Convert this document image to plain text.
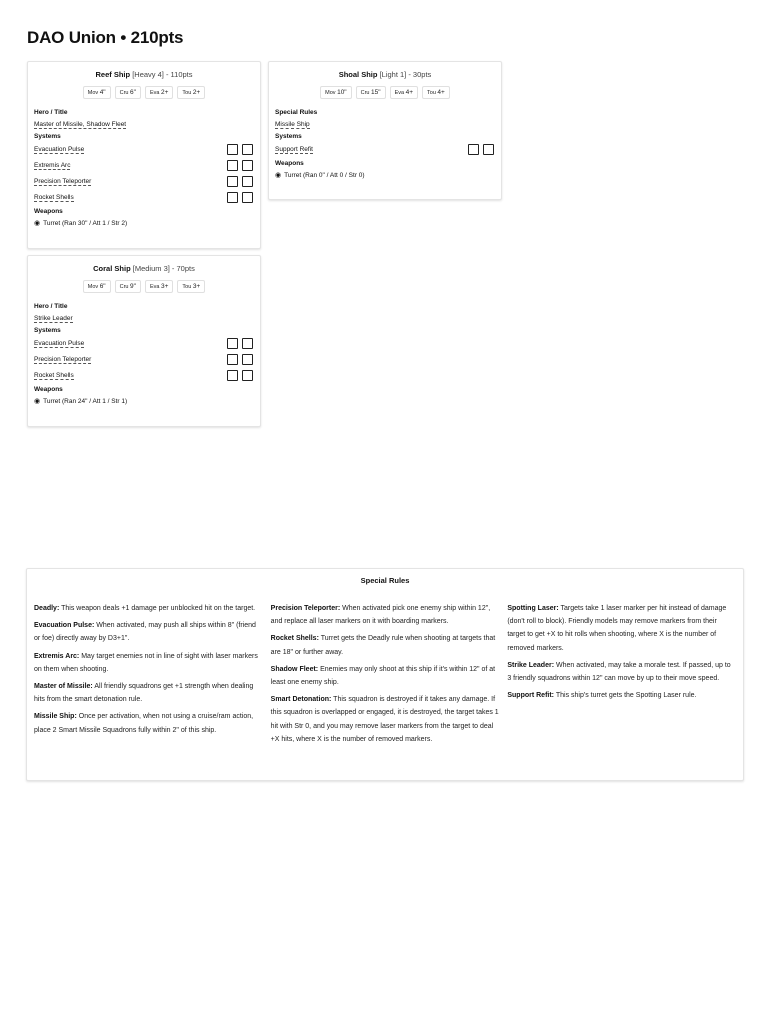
DAO Union • 210pts
Reef Ship [Heavy 4] - 110pts
Mov 4"	Cru 6"	Eva 2+	Tou 2+
Hero / Title
Master of Missile, Shadow Fleet
Systems
Evacuation Pulse
Extremis Arc
Precision Teleporter
Rocket Shells
Weapons
◉ Turret (Ran 30" / Att 1 / Str 2)
Shoal Ship [Light 1] - 30pts
Mov 10"	Cru 15"	Eva 4+	Tou 4+
Special Rules
Missile Ship
Systems
Support Refit
Weapons
◉ Turret (Ran 0" / Att 0 / Str 0)
Coral Ship [Medium 3] - 70pts
Mov 6"	Cru 9"	Eva 3+	Tou 3+
Hero / Title
Strike Leader
Systems
Evacuation Pulse
Precision Teleporter
Rocket Shells
Weapons
◉ Turret (Ran 24" / Att 1 / Str 1)
Special Rules

Deadly: This weapon deals +1 damage per unblocked hit on the target.

Evacuation Pulse: When activated, may push all ships within 8" (friend or foe) directly away by D3+1".

Extremis Arc: May target enemies not in line of sight with laser markers on them when shooting.

Master of Missile: All friendly squadrons get +1 strength when dealing hits from the smart detonation rule.

Missile Ship: Once per activation, when not using a cruise/ram action, place 2 Smart Missile Squadrons fully within 2" of this ship.

Precision Teleporter: When activated pick one enemy ship within 12", and replace all laser markers on it with boarding markers.

Rocket Shells: Turret gets the Deadly rule when shooting at targets that are 18" or further away.

Shadow Fleet: Enemies may only shoot at this ship if it's within 12" of at least one enemy ship.

Smart Detonation: This squadron is destroyed if it takes any damage. If this squadron is overlapped or engaged, it is destroyed, the target takes 1 hit with Str 0, and you may remove laser markers from the target to deal +X hits, where X is the number of removed markers.

Spotting Laser: Targets take 1 laser marker per hit instead of damage (don't roll to block). Friendly models may remove markers from their target to get +X to hit rolls when shooting, where X is the number of removed markers.

Strike Leader: When activated, may take a morale test. If passed, up to 3 friendly squadrons within 12" can move by up to their move speed.

Support Refit: This ship's turret gets the Spotting Laser rule.
